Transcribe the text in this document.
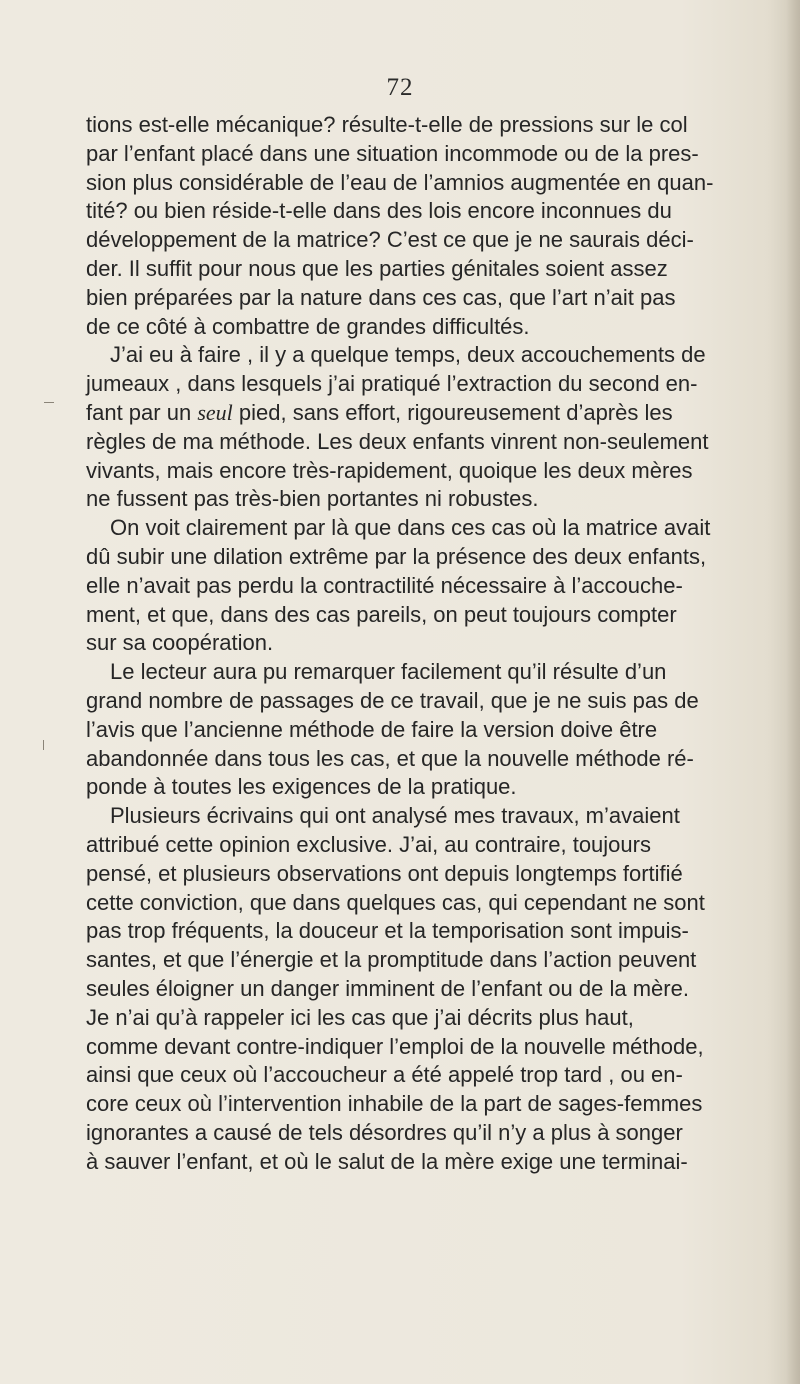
72
tions est-elle mécanique? résulte-t-elle de pressions sur le col
par l’enfant placé dans une situation incommode ou de la pres-
sion plus considérable de l’eau de l’amnios augmentée en quan-
tité? ou bien réside-t-elle dans des lois encore inconnues du
développement de la matrice? C’est ce que je ne saurais déci-
der. Il suffit pour nous que les parties génitales soient assez
bien préparées par la nature dans ces cas, que l’art n’ait pas
de ce côté à combattre de grandes difficultés.
J’ai eu à faire , il y a quelque temps, deux accouchements de
jumeaux , dans lesquels j’ai pratiqué l’extraction du second en-
fant par un seul pied, sans effort, rigoureusement d’après les
règles de ma méthode. Les deux enfants vinrent non-seulement
vivants, mais encore très-rapidement, quoique les deux mères
ne fussent pas très-bien portantes ni robustes.
On voit clairement par là que dans ces cas où la matrice avait
dû subir une dilation extrême par la présence des deux enfants,
elle n’avait pas perdu la contractilité nécessaire à l’accouche-
ment, et que, dans des cas pareils, on peut toujours compter
sur sa coopération.
Le lecteur aura pu remarquer facilement qu’il résulte d’un
grand nombre de passages de ce travail, que je ne suis pas de
l’avis que l’ancienne méthode de faire la version doive être
abandonnée dans tous les cas, et que la nouvelle méthode ré-
ponde à toutes les exigences de la pratique.
Plusieurs écrivains qui ont analysé mes travaux, m’avaient
attribué cette opinion exclusive. J’ai, au contraire, toujours
pensé, et plusieurs observations ont depuis longtemps fortifié
cette conviction, que dans quelques cas, qui cependant ne sont
pas trop fréquents, la douceur et la temporisation sont impuis-
santes, et que l’énergie et la promptitude dans l’action peuvent
seules éloigner un danger imminent de l’enfant ou de la mère.
Je n’ai qu’à rappeler ici les cas que j’ai décrits plus haut,
comme devant contre-indiquer l’emploi de la nouvelle méthode,
ainsi que ceux où l’accoucheur a été appelé trop tard , ou en-
core ceux où l’intervention inhabile de la part de sages-femmes
ignorantes a causé de tels désordres qu’il n’y a plus à songer
à sauver l’enfant, et où le salut de la mère exige une terminai-
